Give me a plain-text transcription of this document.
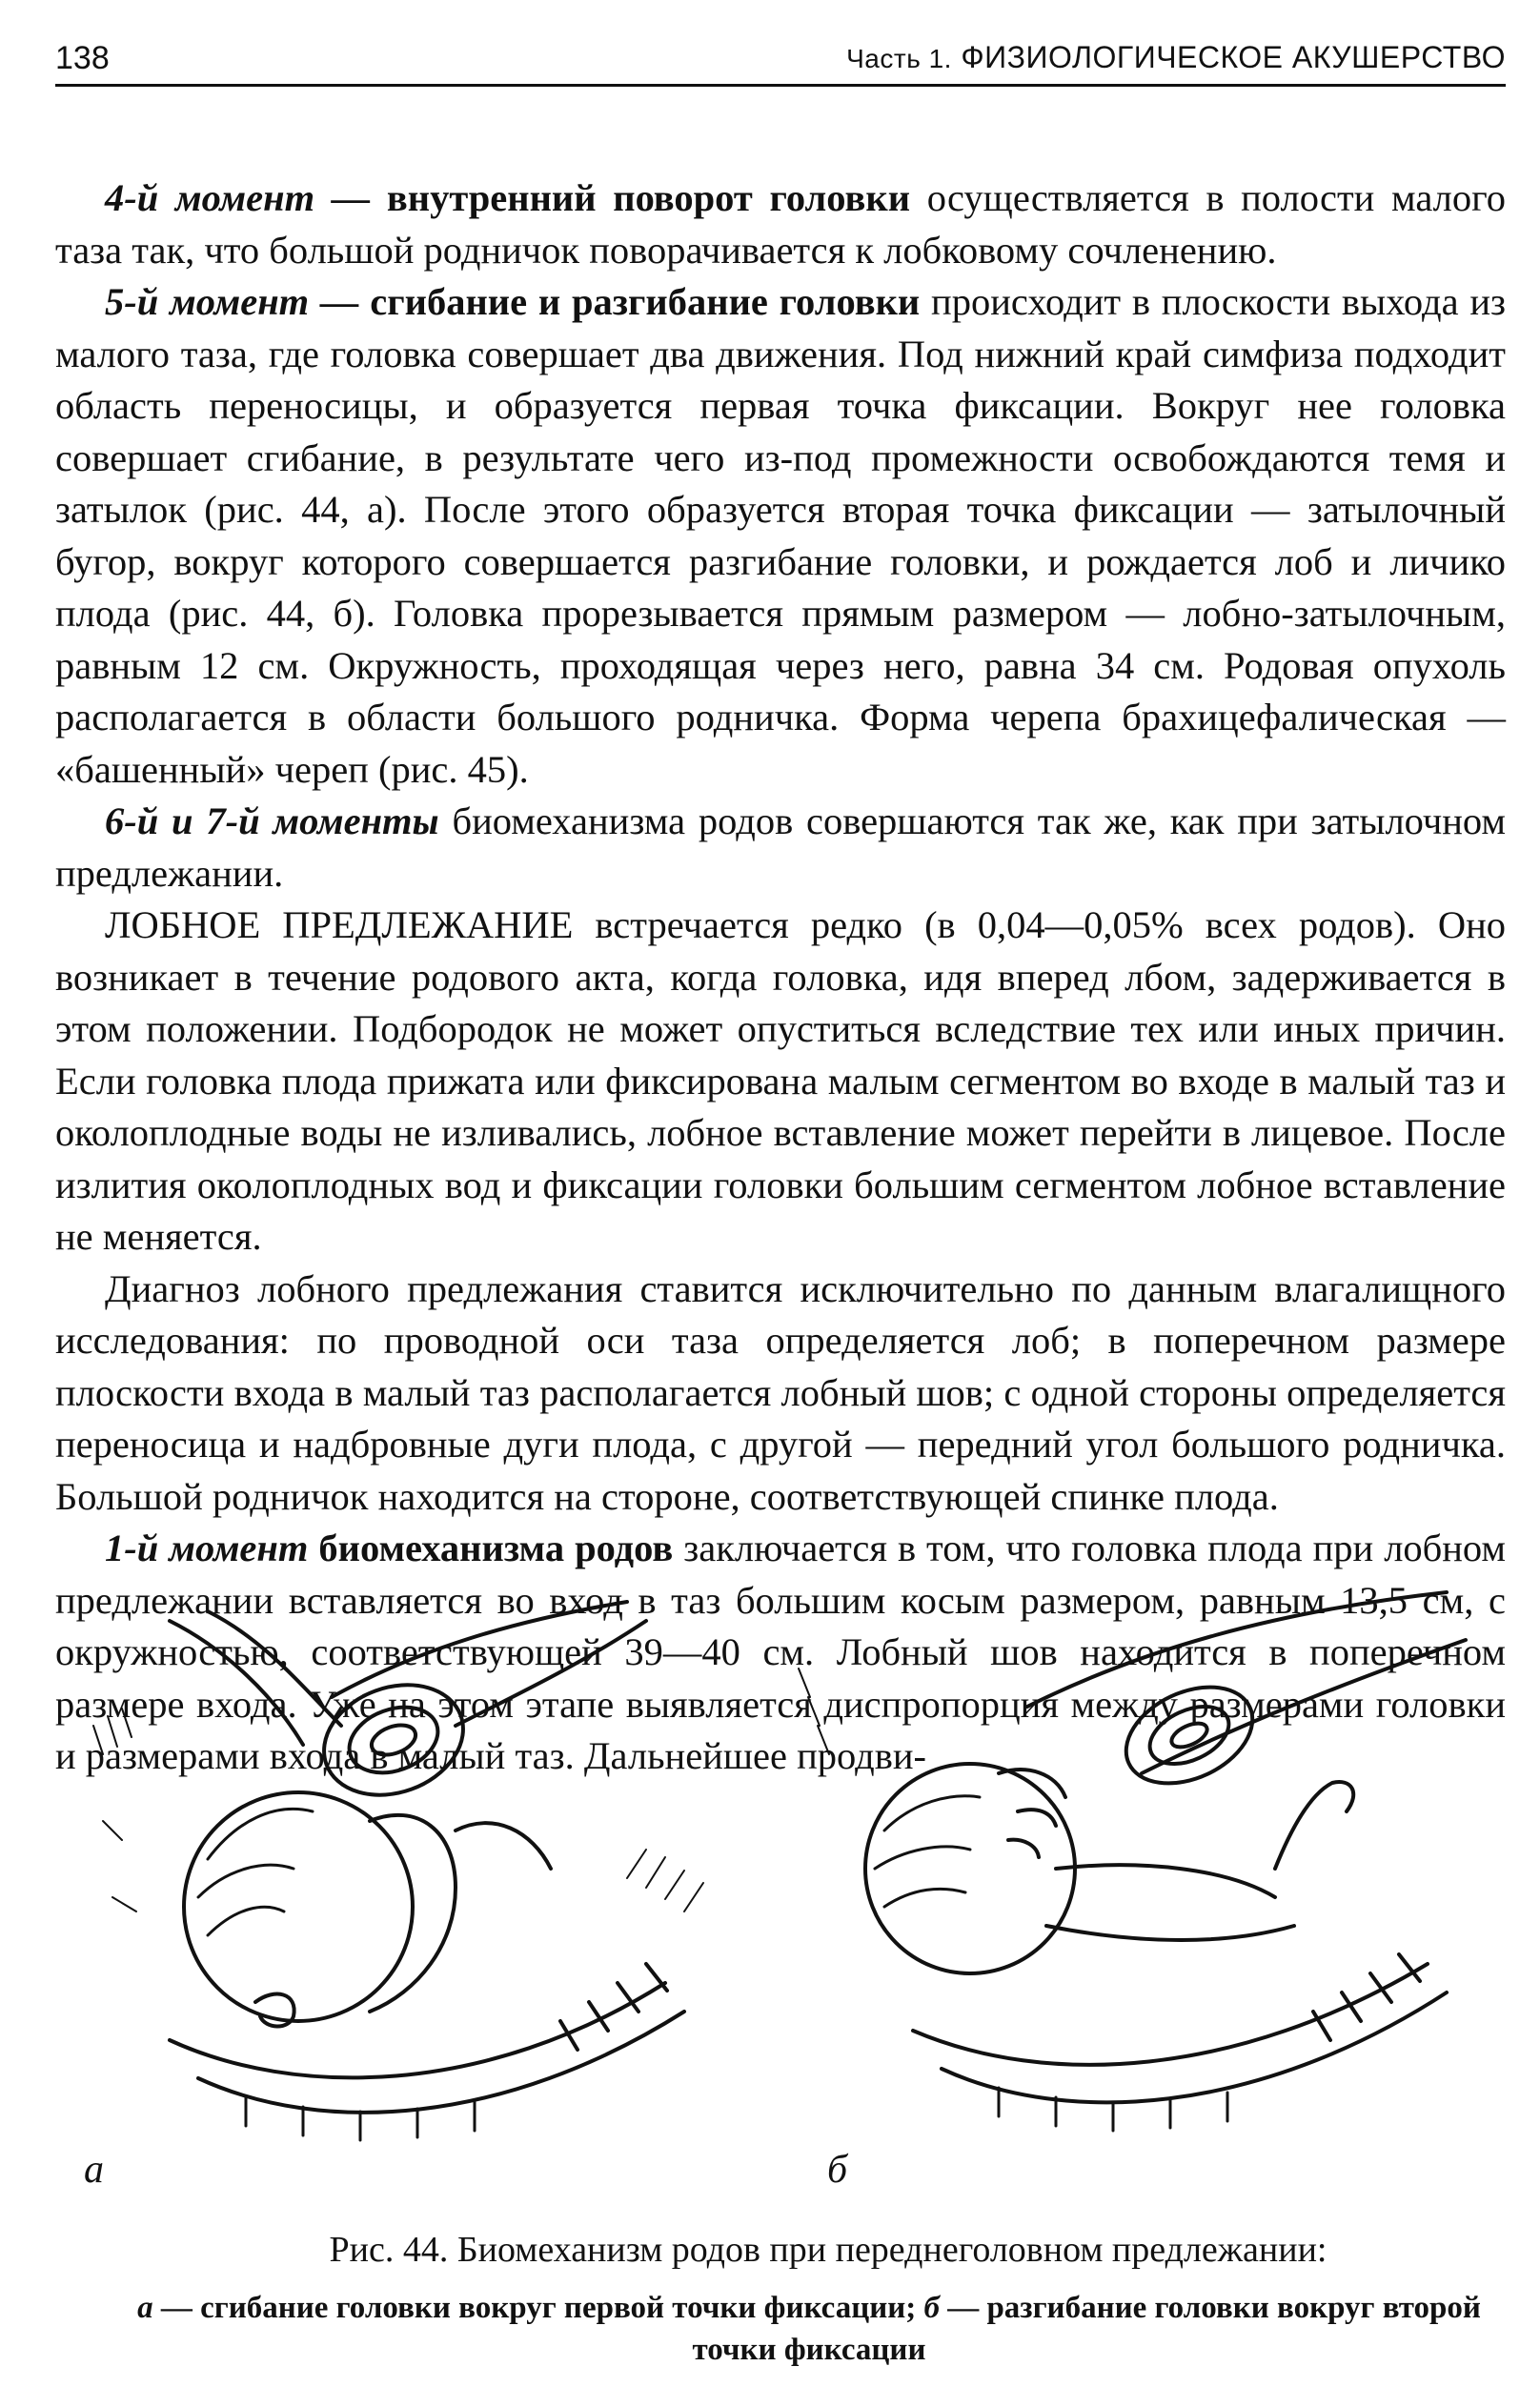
138	Часть 1. ФИЗИОЛОГИЧЕСКОЕ АКУШЕРСТВО

4-й момент — внутренний поворот головки осуществляется в полости малого таза так, что большой родничок поворачивается к лобковому сочленению.

5-й момент — сгибание и разгибание головки происходит в плоскости выхода из малого таза, где головка совершает два движения. Под нижний край симфиза подходит область переносицы, и образуется первая точка фиксации. Вокруг нее головка совершает сгибание, в результате чего из-под промежности освобождаются темя и затылок (рис. 44, а). После этого образуется вторая точка фиксации — затылочный бугор, вокруг которого совершается разгибание головки, и рождается лоб и личико плода (рис. 44, б). Головка прорезывается прямым размером — лобно-затылочным, равным 12 см. Окружность, проходящая через него, равна 34 см. Родовая опухоль располагается в области большого родничка. Форма черепа брахицефалическая — «башенный» череп (рис. 45).

6-й и 7-й моменты биомеханизма родов совершаются так же, как при затылочном предлежании.

ЛОБНОЕ ПРЕДЛЕЖАНИЕ встречается редко (в 0,04—0,05% всех родов). Оно возникает в течение родового акта, когда головка, идя вперед лбом, задерживается в этом положении. Подбородок не может опуститься вследствие тех или иных причин. Если головка плода прижата или фиксирована малым сегментом во входе в малый таз и околоплодные воды не изливались, лобное вставление может перейти в лицевое. После излития околоплодных вод и фиксации головки большим сегментом лобное вставление не меняется.

Диагноз лобного предлежания ставится исключительно по данным влагалищного исследования: по проводной оси таза определяется лоб; в поперечном размере плоскости входа в малый таз располагается лобный шов; с одной стороны определяется переносица и надбровные дуги плода, с другой — передний угол большого родничка. Большой родничок находится на стороне, соответствующей спинке плода.

1-й момент биомеханизма родов заключается в том, что головка плода при лобном предлежании вставляется во вход в таз большим косым размером, равным 13,5 см, с окружностью, соответствующей 39—40 см. Лобный шов находится в поперечном размере входа. Уже на этом этапе выявляется диспропорция между размерами головки и размерами входа в малый таз. Дальнейшее продви-

а	б
Рис. 44. Биомеханизм родов при переднеголовном предлежании:
а — сгибание головки вокруг первой точки фиксации; б — разгибание головки вокруг второй точки фиксации
